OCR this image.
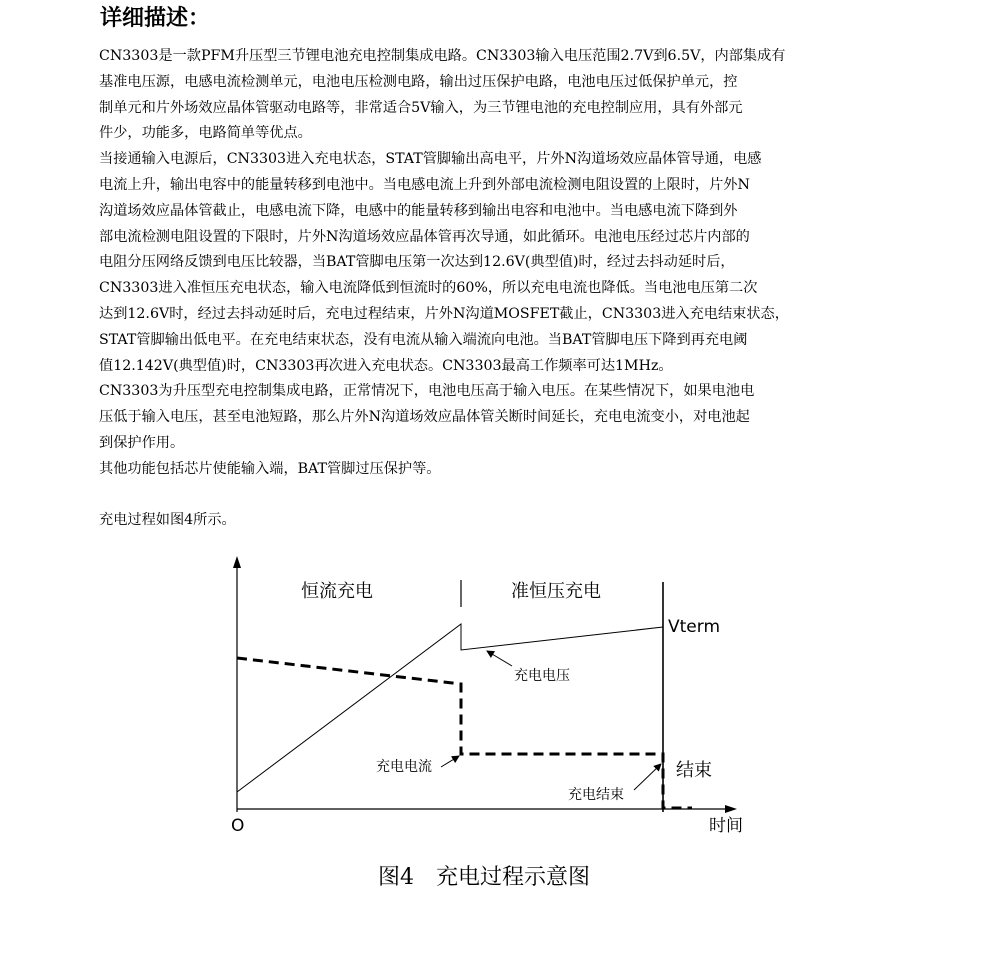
详细描述：
CN3303是一款PFM升压型三节锂电池充电控制集成电路。CN3303输入电压范围2.7V到6.5V，内部集成有
基准电压源，电感电流检测单元，电池电压检测电路，输出过压保护电路，电池电压过低保护单元，控
制单元和片外场效应晶体管驱动电路等，非常适合5V输入，为三节锂电池的充电控制应用，具有外部元
件少，功能多，电路简单等优点。
当接通输入电源后，CN3303进入充电状态，STAT管脚输出高电平，片外N沟道场效应晶体管导通，电感
电流上升，输出电容中的能量转移到电池中。当电感电流上升到外部电流检测电阻设置的上限时，片外N
沟道场效应晶体管截止，电感电流下降，电感中的能量转移到输出电容和电池中。当电感电流下降到外
部电流检测电阻设置的下限时，片外N沟道场效应晶体管再次导通，如此循环。电池电压经过芯片内部的
电阻分压网络反馈到电压比较器，当BAT管脚电压第一次达到12.6V(典型值)时，经过去抖动延时后，
CN3303进入准恒压充电状态，输入电流降低到恒流时的60%，所以充电电流也降低。当电池电压第二次
达到12.6V时，经过去抖动延时后，充电过程结束，片外N沟道MOSFET截止，CN3303进入充电结束状态，
STAT管脚输出低电平。在充电结束状态，没有电流从输入端流向电池。当BAT管脚电压下降到再充电阈
值12.142V(典型值)时，CN3303再次进入充电状态。CN3303最高工作频率可达1MHz。
CN3303为升压型充电控制集成电路，正常情况下，电池电压高于输入电压。在某些情况下，如果电池电
压低于输入电压，甚至电池短路，那么片外N沟道场效应晶体管关断时间延长，充电电流变小，对电池起
到保护作用。
其他功能包括芯片使能输入端，BAT管脚过压保护等。
充电过程如图4所示。
恒流充电	准恒压充电
Vterm
充电电压
充电电流	结束
充电结束
O	时间
图4　充电过程示意图
